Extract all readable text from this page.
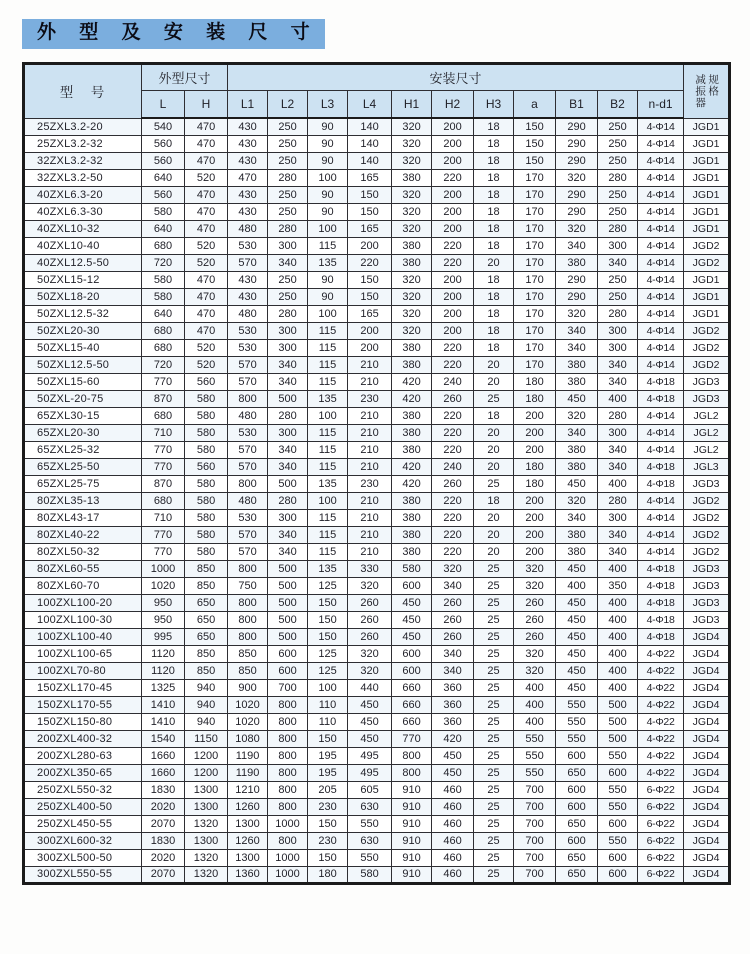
外 型 及 安 装 尺 寸
型　号	外型尺寸		安装尺寸											减振器 规格

	L	H	L1	L2	L3	L4	H1	H2	H3	a	B1	B2	n-d1	
25ZXL3.2-20	540	470	430	250	90	140	320	200	18	150	290	250	4-Φ14	JGD1
25ZXL3.2-32	560	470	430	250	90	140	320	200	18	150	290	250	4-Φ14	JGD1
32ZXL3.2-32	560	470	430	250	90	140	320	200	18	150	290	250	4-Φ14	JGD1
32ZXL3.2-50	640	520	470	280	100	165	380	220	18	170	320	280	4-Φ14	JGD1
40ZXL6.3-20	560	470	430	250	90	150	320	200	18	170	290	250	4-Φ14	JGD1
40ZXL6.3-30	580	470	430	250	90	150	320	200	18	170	290	250	4-Φ14	JGD1
40ZXL10-32	640	470	480	280	100	165	320	200	18	170	320	280	4-Φ14	JGD1
40ZXL10-40	680	520	530	300	115	200	380	220	18	170	340	300	4-Φ14	JGD2
40ZXL12.5-50	720	520	570	340	135	220	380	220	20	170	380	340	4-Φ14	JGD2
50ZXL15-12	580	470	430	250	90	150	320	200	18	170	290	250	4-Φ14	JGD1
50ZXL18-20	580	470	430	250	90	150	320	200	18	170	290	250	4-Φ14	JGD1
50ZXL12.5-32	640	470	480	280	100	165	320	200	18	170	320	280	4-Φ14	JGD1
50ZXL20-30	680	470	530	300	115	200	320	200	18	170	340	300	4-Φ14	JGD2
50ZXL15-40	680	520	530	300	115	200	380	220	18	170	340	300	4-Φ14	JGD2
50ZXL12.5-50	720	520	570	340	115	210	380	220	20	170	380	340	4-Φ14	JGD2
50ZXL15-60	770	560	570	340	115	210	420	240	20	180	380	340	4-Φ18	JGD3
50ZXL-20-75	870	580	800	500	135	230	420	260	25	180	450	400	4-Φ18	JGD3
65ZXL30-15	680	580	480	280	100	210	380	220	18	200	320	280	4-Φ14	JGL2
65ZXL20-30	710	580	530	300	115	210	380	220	20	200	340	300	4-Φ14	JGL2
65ZXL25-32	770	580	570	340	115	210	380	220	20	200	380	340	4-Φ14	JGL2
65ZXL25-50	770	560	570	340	115	210	420	240	20	180	380	340	4-Φ18	JGL3
65ZXL25-75	870	580	800	500	135	230	420	260	25	180	450	400	4-Φ18	JGD3
80ZXL35-13	680	580	480	280	100	210	380	220	18	200	320	280	4-Φ14	JGD2
80ZXL43-17	710	580	530	300	115	210	380	220	20	200	340	300	4-Φ14	JGD2
80ZXL40-22	770	580	570	340	115	210	380	220	20	200	380	340	4-Φ14	JGD2
80ZXL50-32	770	580	570	340	115	210	380	220	20	200	380	340	4-Φ14	JGD2
80ZXL60-55	1000	850	800	500	135	330	580	320	25	320	450	400	4-Φ18	JGD3
80ZXL60-70	1020	850	750	500	125	320	600	340	25	320	400	350	4-Φ18	JGD3
100ZXL100-20	950	650	800	500	150	260	450	260	25	260	450	400	4-Φ18	JGD3
100ZXL100-30	950	650	800	500	150	260	450	260	25	260	450	400	4-Φ18	JGD3
100ZXL100-40	995	650	800	500	150	260	450	260	25	260	450	400	4-Φ18	JGD4
100ZXL100-65	1120	850	850	600	125	320	600	340	25	320	450	400	4-Φ22	JGD4
100ZXL70-80	1120	850	850	600	125	320	600	340	25	320	450	400	4-Φ22	JGD4
150ZXL170-45	1325	940	900	700	100	440	660	360	25	400	450	400	4-Φ22	JGD4
150ZXL170-55	1410	940	1020	800	110	450	660	360	25	400	550	500	4-Φ22	JGD4
150ZXL150-80	1410	940	1020	800	110	450	660	360	25	400	550	500	4-Φ22	JGD4
200ZXL400-32	1540	1150	1080	800	150	450	770	420	25	550	550	500	4-Φ22	JGD4
200ZXL280-63	1660	1200	1190	800	195	495	800	450	25	550	600	550	4-Φ22	JGD4
200ZXL350-65	1660	1200	1190	800	195	495	800	450	25	550	650	600	4-Φ22	JGD4
250ZXL550-32	1830	1300	1210	800	205	605	910	460	25	700	600	550	6-Φ22	JGD4
250ZXL400-50	2020	1300	1260	800	230	630	910	460	25	700	600	550	6-Φ22	JGD4
250ZXL450-55	2070	1320	1300	1000	150	550	910	460	25	700	650	600	6-Φ22	JGD4
300ZXL600-32	1830	1300	1260	800	230	630	910	460	25	700	600	550	6-Φ22	JGD4
300ZXL500-50	2020	1320	1300	1000	150	550	910	460	25	700	650	600	6-Φ22	JGD4
300ZXL550-55	2070	1320	1360	1000	180	580	910	460	25	700	650	600	6-Φ22	JGD4
